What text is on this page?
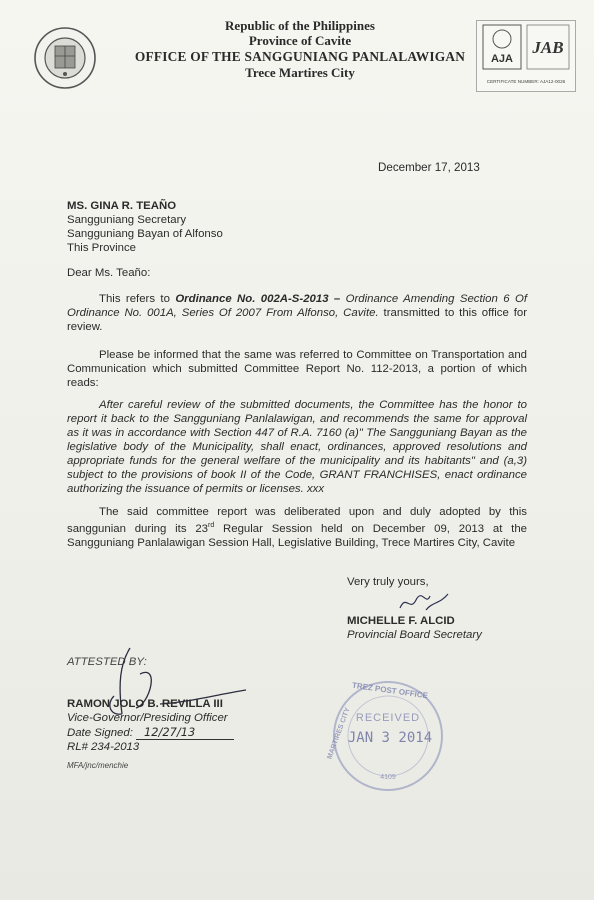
Republic of the Philippines
Province of Cavite
OFFICE OF THE SANGGUNIANG PANLALAWIGAN
Trece Martires City
AJA
JAB
CERTIFICATE NUMBER: AJA12-0026
December 17, 2013
MS. GINA R. TEAÑO
Sangguniang Secretary
Sangguniang Bayan of Alfonso
This Province
Dear Ms. Teaño:

This refers to Ordinance No. 002A-S-2013 – Ordinance Amending Section 6 Of Ordinance No. 001A, Series Of 2007 From Alfonso, Cavite. transmitted to this office for review.

Please be informed that the same was referred to Committee on Transportation and Communication which submitted Committee Report No. 112-2013, a portion of which reads:

After careful review of the submitted documents, the Committee has the honor to report it back to the Sangguniang Panlalawigan, and recommends the same for approval as it was in accordance with Section 447 of R.A. 7160 (a)" The Sangguniang Bayan as the legislative body of the Municipality, shall enact, ordinances, approved resolutions and appropriate funds for the general welfare of the municipality and its habitants" and (a,3) subject to the provisions of book II of the Code, GRANT FRANCHISES, enact ordinance authorizing the issuance of permits or licenses. xxx

The said committee report was deliberated upon and duly adopted by this sanggunian during its 23rd Regular Session held on December 09, 2013 at the Sangguniang Panlalawigan Session Hall, Legislative Building, Trece Martires City, Cavite

Very truly yours,
MICHELLE F. ALCID
Provincial Board Secretary
ATTESTED BY:
RAMON JOLO B. REVILLA III
Vice-Governor/Presiding Officer
Date Signed: 12/27/13
RL# 234-2013
MFA/jnc/menchie
TREZ POST OFFICE
MARTIRES CITY RECEIVED
JAN 3 2014
4109
